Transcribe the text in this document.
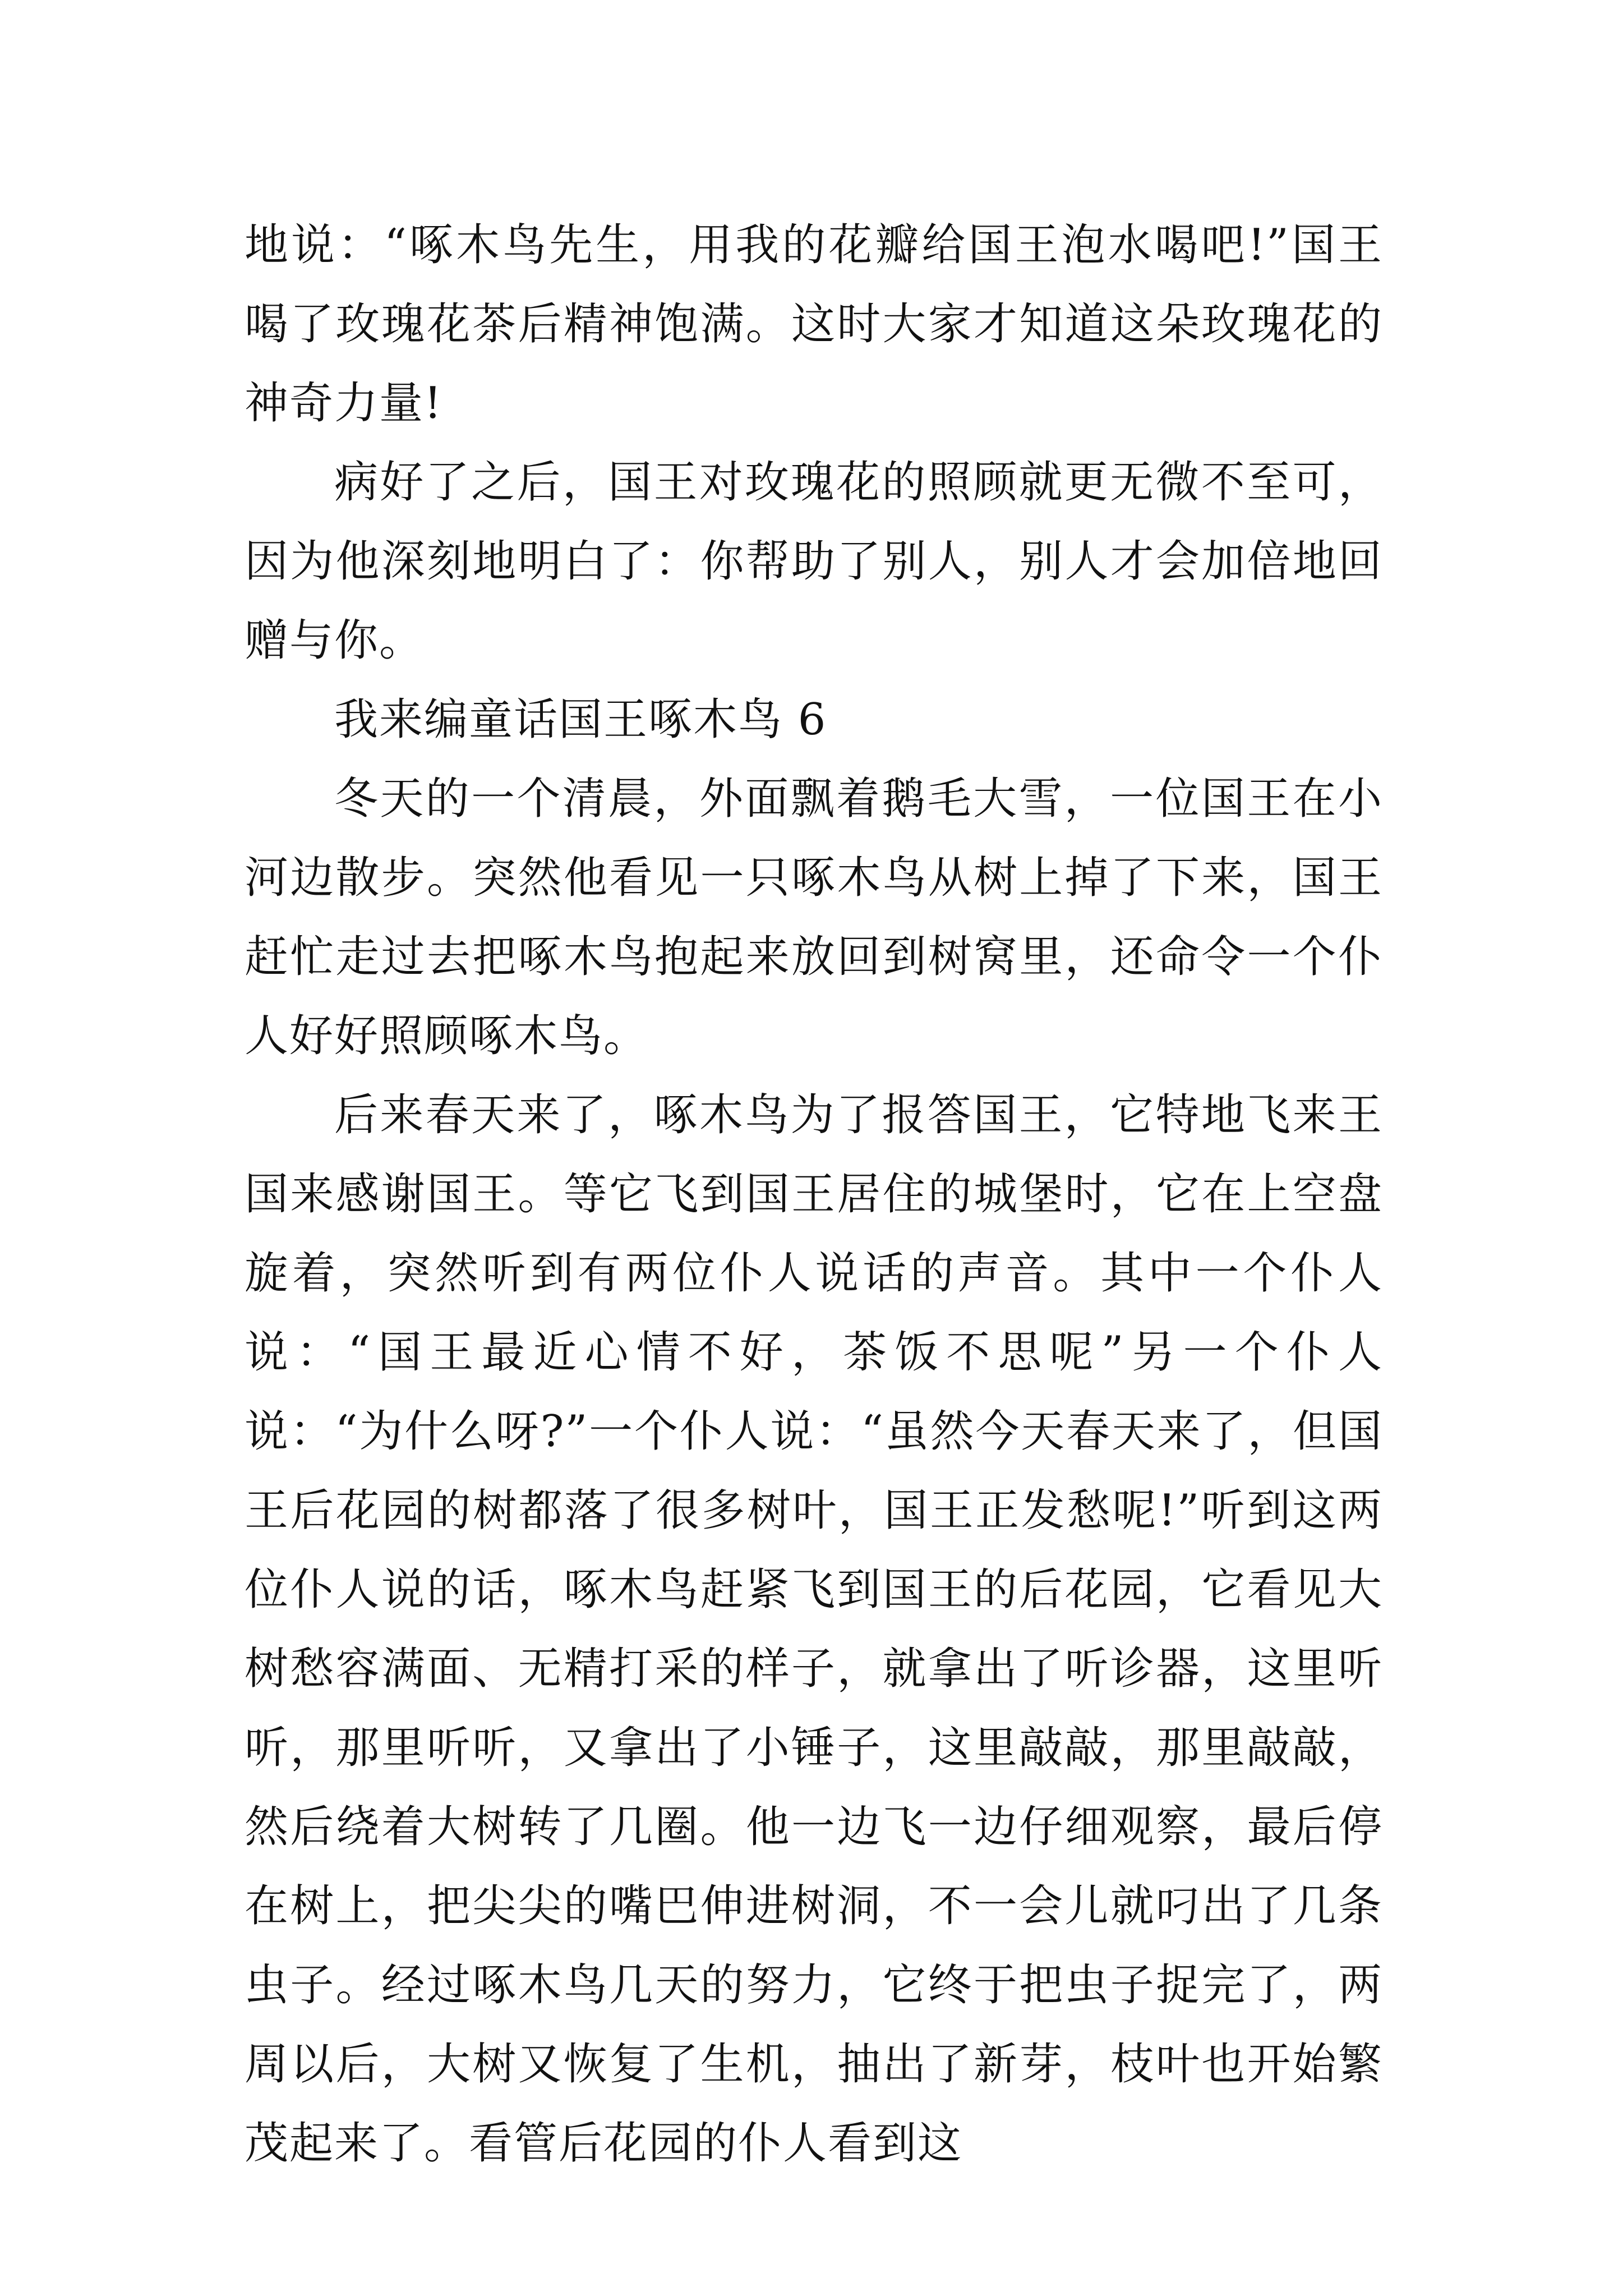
地说：“啄木鸟先生，用我的花瓣给国王泡水喝吧!”国王喝了玫瑰花茶后精神饱满。这时大家才知道这朵玫瑰花的神奇力量!

病好了之后，国王对玫瑰花的照顾就更无微不至可，因为他深刻地明白了：你帮助了别人，别人才会加倍地回赠与你。

我来编童话国王啄木鸟 6

冬天的一个清晨，外面飘着鹅毛大雪，一位国王在小河边散步。突然他看见一只啄木鸟从树上掉了下来，国王赶忙走过去把啄木鸟抱起来放回到树窝里，还命令一个仆人好好照顾啄木鸟。

后来春天来了，啄木鸟为了报答国王，它特地飞来王国来感谢国王。等它飞到国王居住的城堡时，它在上空盘旋着，突然听到有两位仆人说话的声音。其中一个仆人说：“国王最近心情不好，茶饭不思呢”另一个仆人说：“为什么呀?”一个仆人说：“虽然今天春天来了，但国王后花园的树都落了很多树叶，国王正发愁呢!”听到这两位仆人说的话，啄木鸟赶紧飞到国王的后花园，它看见大树愁容满面、无精打采的样子，就拿出了听诊器，这里听听，那里听听，又拿出了小锤子，这里敲敲，那里敲敲，然后绕着大树转了几圈。他一边飞一边仔细观察，最后停在树上，把尖尖的嘴巴伸进树洞，不一会儿就叼出了几条虫子。经过啄木鸟几天的努力，它终于把虫子捉完了，两周以后，大树又恢复了生机，抽出了新芽，枝叶也开始繁茂起来了。看管后花园的仆人看到这
